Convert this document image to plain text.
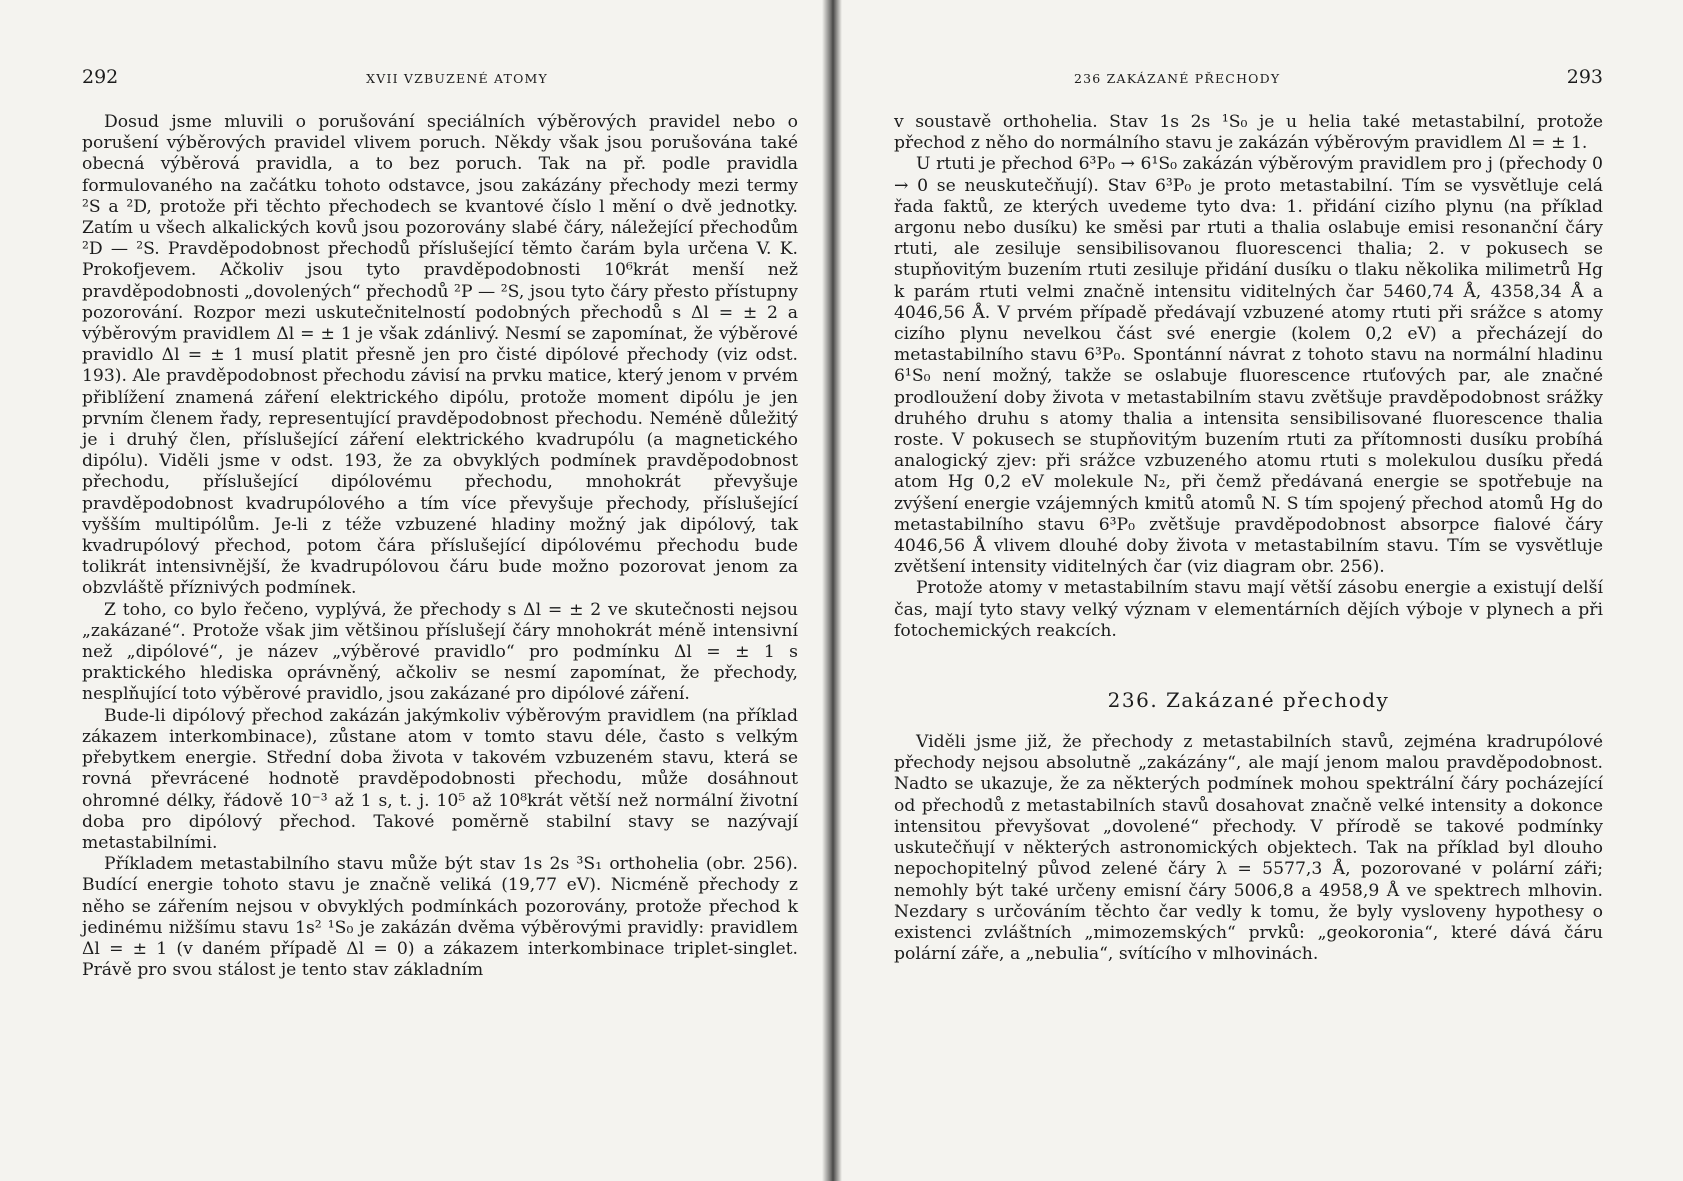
292	XVII VZBUZENÉ ATOMY

Dosud jsme mluvili o porušování speciálních výběrových pravidel nebo o porušení výběrových pravidel vlivem poruch. Někdy však jsou porušována také obecná výběrová pravidla, a to bez poruch. Tak na př. podle pravidla formulovaného na začátku tohoto odstavce, jsou zakázány přechody mezi termy ²S a ²D, protože při těchto přechodech se kvantové číslo l mění o dvě jednotky. Zatím u všech alkalických kovů jsou pozorovány slabé čáry, náležející přechodům ²D — ²S. Pravděpodobnost přechodů příslušející těmto čarám byla určena V. K. Prokofjevem. Ačkoliv jsou tyto pravděpodobnosti 10⁶krát menší než pravděpodobnosti „dovolených“ přechodů ²P — ²S, jsou tyto čáry přesto přístupny pozorování. Rozpor mezi uskutečnitelností podobných přechodů s Δl = ± 2 a výběrovým pravidlem Δl = ± 1 je však zdánlivý. Nesmí se zapomínat, že výběrové pravidlo Δl = ± 1 musí platit přesně jen pro čisté dipólové přechody (viz odst. 193). Ale pravděpodobnost přechodu závisí na prvku matice, který jenom v prvém přiblížení znamená záření elektrického dipólu, protože moment dipólu je jen prvním členem řady, representující pravděpodobnost přechodu. Neméně důležitý je i druhý člen, příslušející záření elektrického kvadrupólu (a magnetického dipólu). Viděli jsme v odst. 193, že za obvyklých podmínek pravděpodobnost přechodu, příslušející dipólovému přechodu, mnohokrát převyšuje pravděpodobnost kvadrupólového a tím více převyšuje přechody, příslušející vyšším multipólům. Je-li z téže vzbuzené hladiny možný jak dipólový, tak kvadrupólový přechod, potom čára příslušející dipólovému přechodu bude tolikrát intensivnější, že kvadrupólovou čáru bude možno pozorovat jenom za obzvláště příznivých podmínek.

Z toho, co bylo řečeno, vyplývá, že přechody s Δl = ± 2 ve skutečnosti nejsou „zakázané“. Protože však jim většinou příslušejí čáry mnohokrát méně intensivní než „dipólové“, je název „výběrové pravidlo“ pro podmínku Δl = ± 1 s praktického hlediska oprávněný, ačkoliv se nesmí zapomínat, že přechody, nesplňující toto výběrové pravidlo, jsou zakázané pro dipólové záření.

Bude-li dipólový přechod zakázán jakýmkoliv výběrovým pravidlem (na příklad zákazem interkombinace), zůstane atom v tomto stavu déle, často s velkým přebytkem energie. Střední doba života v takovém vzbuzeném stavu, která se rovná převrácené hodnotě pravděpodobnosti přechodu, může dosáhnout ohromné délky, řádově 10⁻³ až 1 s, t. j. 10⁵ až 10⁸krát větší než normální životní doba pro dipólový přechod. Takové poměrně stabilní stavy se nazývají metastabilními.

Příkladem metastabilního stavu může být stav 1s 2s ³S₁ orthohelia (obr. 256). Budící energie tohoto stavu je značně veliká (19,77 eV). Nicméně přechody z něho se zářením nejsou v obvyklých podmínkách pozorovány, protože přechod k jedinému nižšímu stavu 1s² ¹S₀ je zakázán dvěma výběrovými pravidly: pravidlem Δl = ± 1 (v daném případě Δl = 0) a zákazem interkombinace triplet-singlet. Právě pro svou stálost je tento stav základním

236 ZAKÁZANÉ PŘECHODY	293

v soustavě orthohelia. Stav 1s 2s ¹S₀ je u helia také metastabilní, protože přechod z něho do normálního stavu je zakázán výběrovým pravidlem Δl = ± 1.

U rtuti je přechod 6³P₀ → 6¹S₀ zakázán výběrovým pravidlem pro j (přechody 0 → 0 se neuskutečňují). Stav 6³P₀ je proto metastabilní. Tím se vysvětluje celá řada faktů, ze kterých uvedeme tyto dva: 1. přidání cizího plynu (na příklad argonu nebo dusíku) ke směsi par rtuti a thalia oslabuje emisi resonanční čáry rtuti, ale zesiluje sensibilisovanou fluorescenci thalia; 2. v pokusech se stupňovitým buzením rtuti zesiluje přidání dusíku o tlaku několika milimetrů Hg k parám rtuti velmi značně intensitu viditelných čar 5460,74 Å, 4358,34 Å a 4046,56 Å. V prvém případě předávají vzbuzené atomy rtuti při srážce s atomy cizího plynu nevelkou část své energie (kolem 0,2 eV) a přecházejí do metastabilního stavu 6³P₀. Spontánní návrat z tohoto stavu na normální hladinu 6¹S₀ není možný, takže se oslabuje fluorescence rtuťových par, ale značné prodloužení doby života v metastabilním stavu zvětšuje pravděpodobnost srážky druhého druhu s atomy thalia a intensita sensibilisované fluorescence thalia roste. V pokusech se stupňovitým buzením rtuti za přítomnosti dusíku probíhá analogický zjev: při srážce vzbuzeného atomu rtuti s molekulou dusíku předá atom Hg 0,2 eV molekule N₂, při čemž předávaná energie se spotřebuje na zvýšení energie vzájemných kmitů atomů N. S tím spojený přechod atomů Hg do metastabilního stavu 6³P₀ zvětšuje pravděpodobnost absorpce fialové čáry 4046,56 Å vlivem dlouhé doby života v metastabilním stavu. Tím se vysvětluje zvětšení intensity viditelných čar (viz diagram obr. 256).

Protože atomy v metastabilním stavu mají větší zásobu energie a existují delší čas, mají tyto stavy velký význam v elementárních dějích výboje v plynech a při fotochemických reakcích.

236. Zakázané přechody

Viděli jsme již, že přechody z metastabilních stavů, zejména kradrupólové přechody nejsou absolutně „zakázány“, ale mají jenom malou pravděpodobnost. Nadto se ukazuje, že za některých podmínek mohou spektrální čáry pocházející od přechodů z metastabilních stavů dosahovat značně velké intensity a dokonce intensitou převyšovat „dovolené“ přechody. V přírodě se takové podmínky uskutečňují v některých astronomických objektech. Tak na příklad byl dlouho nepochopitelný původ zelené čáry λ = 5577,3 Å, pozorované v polární záři; nemohly být také určeny emisní čáry 5006,8 a 4958,9 Å ve spektrech mlhovin. Nezdary s určováním těchto čar vedly k tomu, že byly vysloveny hypothesy o existenci zvláštních „mimozemských“ prvků: „geokoronia“, které dává čáru polární záře, a „nebulia“, svítícího v mlhovinách.
